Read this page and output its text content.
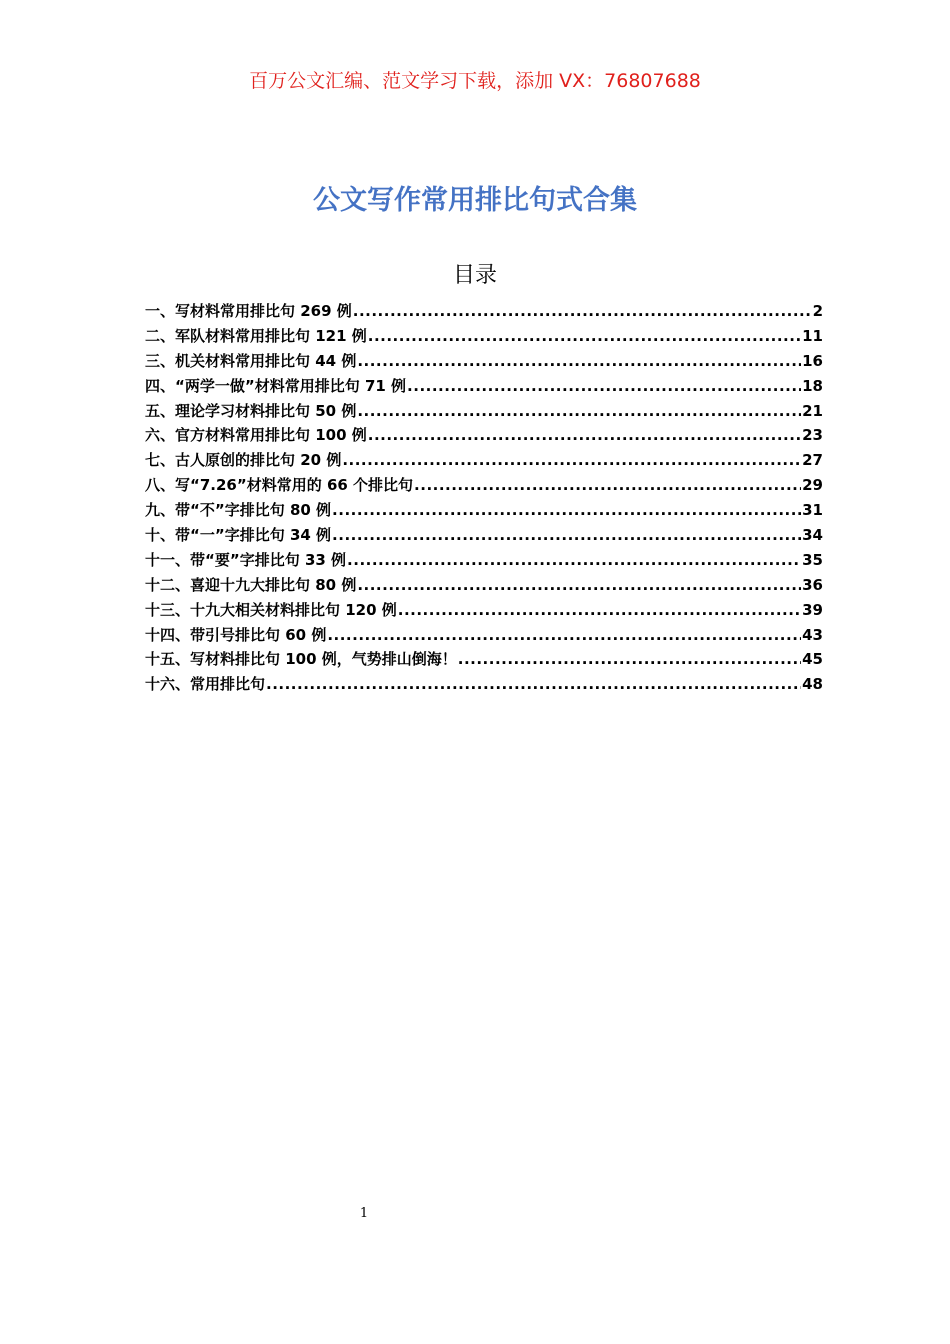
百万公文汇编、范文学习下载，添加 VX：76807688
公文写作常用排比句式合集
目录
一、写材料常用排比句 269 例 .....	2
二、军队材料常用排比句 121 例 .....	11
三、机关材料常用排比句 44 例 .....	16
四、“两学一做”材料常用排比句 71 例 .....	18
五、理论学习材料排比句 50 例 .....	21
六、官方材料常用排比句 100 例 .....	23
七、古人原创的排比句 20 例 .....	27
八、写“7.26”材料常用的 66 个排比句 .....	29
九、带“不”字排比句 80 例 .....	31
十、带“一”字排比句 34 例 .....	34
十一、带“要”字排比句 33 例 .....	35
十二、喜迎十九大排比句 80 例 .....	36
十三、十九大相关材料排比句 120 例 .....	39
十四、带引号排比句 60 例 .....	43
十五、写材料排比句 100 例，气势排山倒海！ .....	45
十六、常用排比句 .....	48
1
